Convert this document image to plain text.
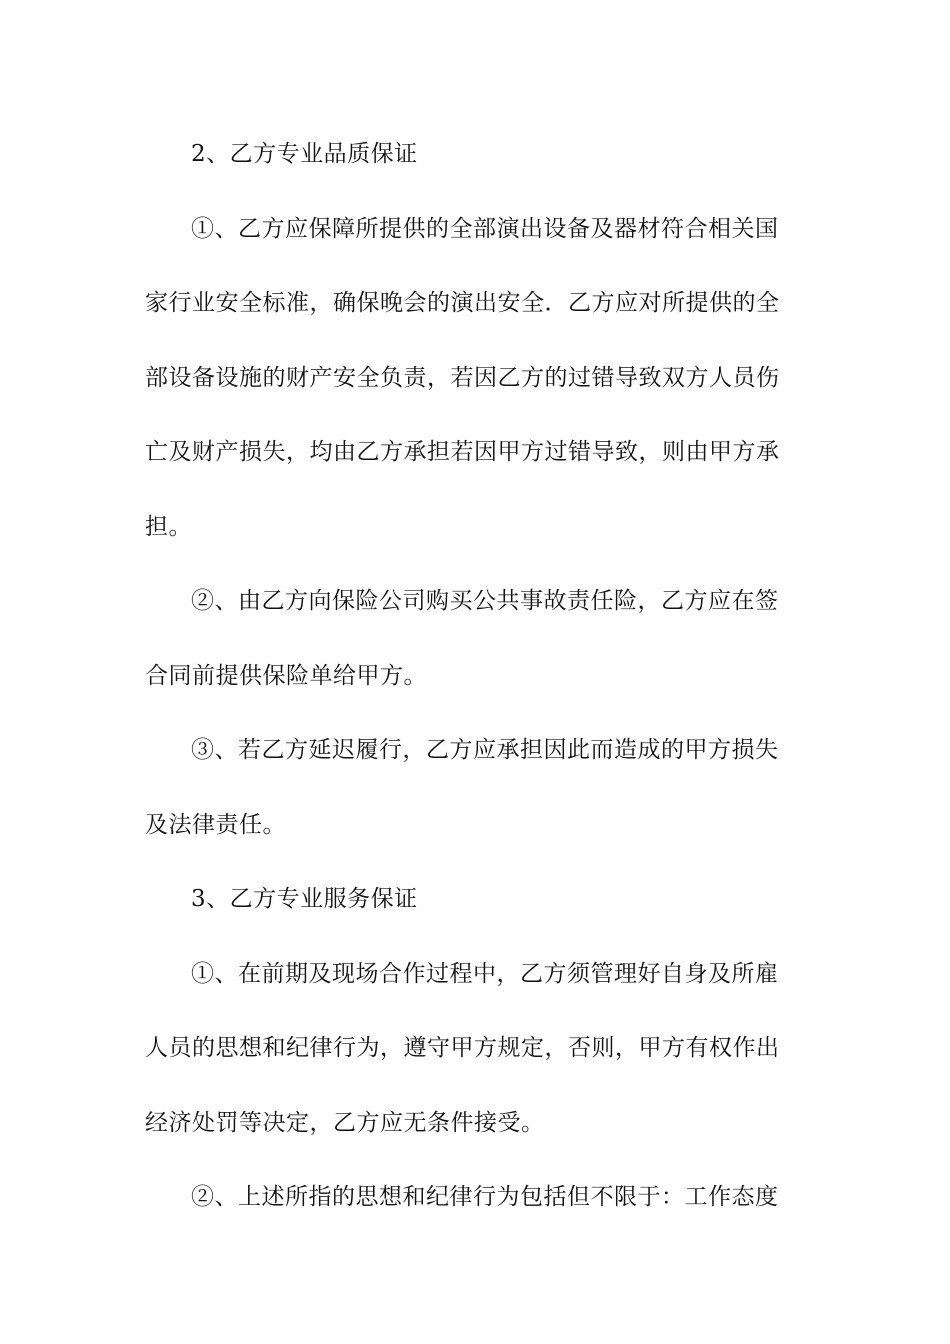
2、乙方专业品质保证
①、乙方应保障所提供的全部演出设备及器材符合相关国
家行业安全标准，确保晚会的演出安全．乙方应对所提供的全
部设备设施的财产安全负责，若因乙方的过错导致双方人员伤
亡及财产损失，均由乙方承担若因甲方过错导致，则由甲方承
担。
②、由乙方向保险公司购买公共事故责任险，乙方应在签
合同前提供保险单给甲方。
③、若乙方延迟履行，乙方应承担因此而造成的甲方损失
及法律责任。
3、乙方专业服务保证
①、在前期及现场合作过程中，乙方须管理好自身及所雇
人员的思想和纪律行为，遵守甲方规定，否则，甲方有权作出
经济处罚等决定，乙方应无条件接受。
②、上述所指的思想和纪律行为包括但不限于：工作态度
